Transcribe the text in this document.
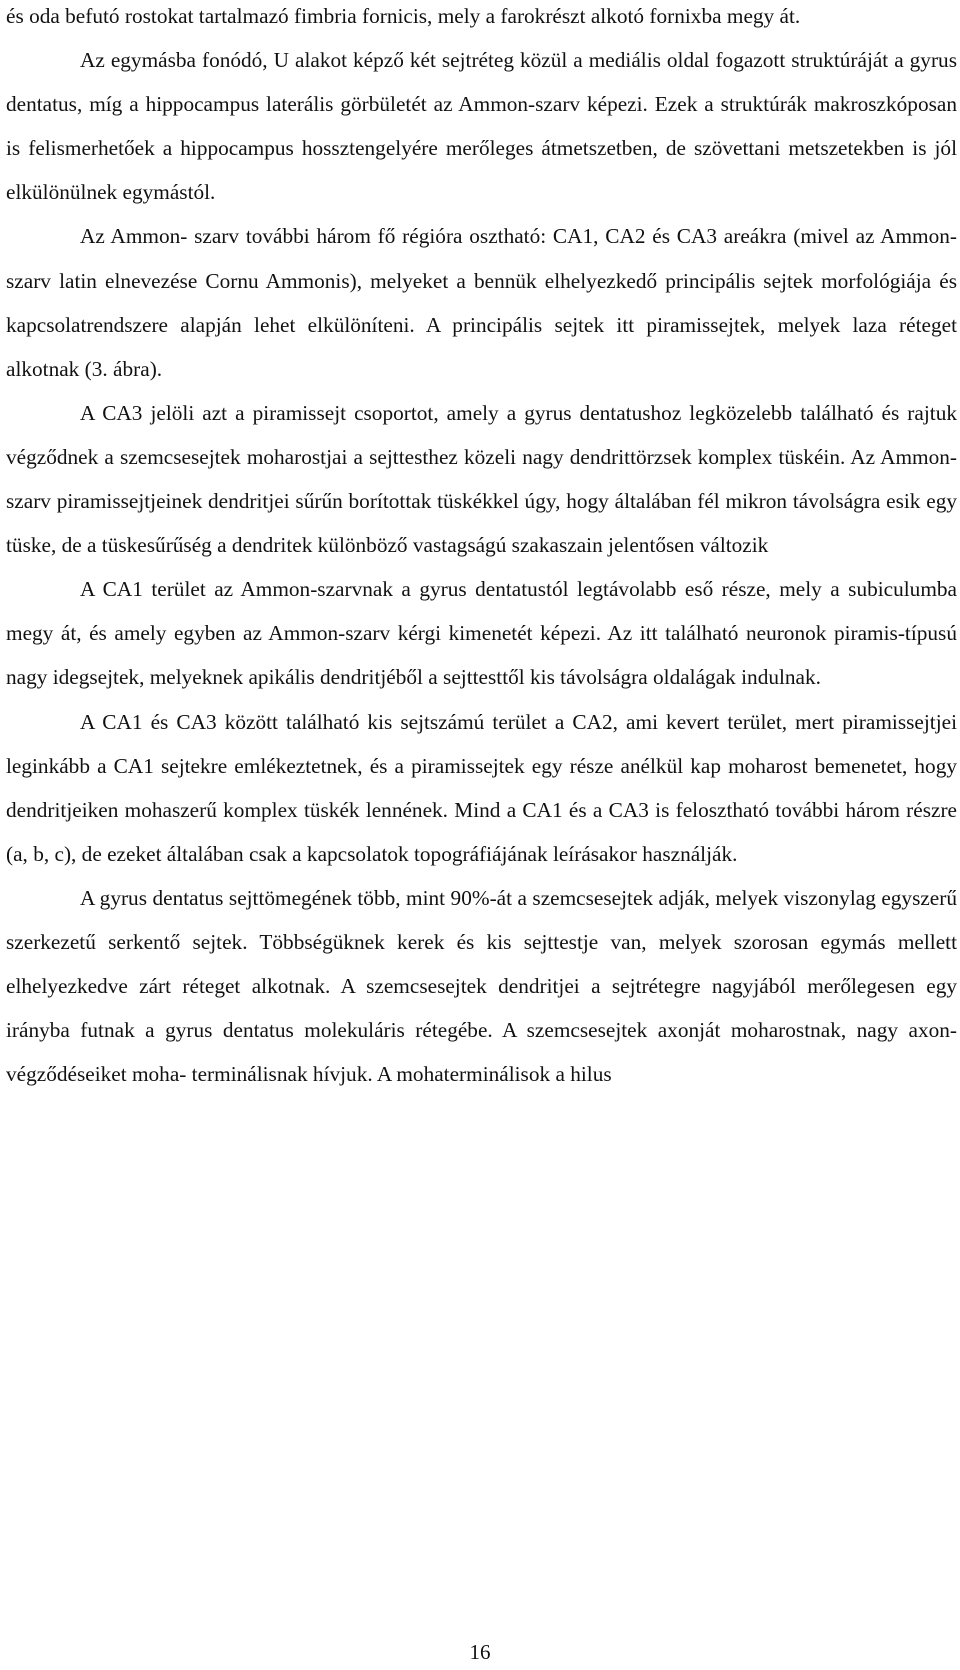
és oda befutó rostokat tartalmazó fimbria fornicis, mely a farokrészt alkotó fornixba megy át.

Az egymásba fonódó, U alakot képző két sejtréteg közül a mediális oldal fogazott struktúráját a gyrus dentatus, míg a hippocampus laterális görbületét az Ammon-szarv képezi. Ezek a struktúrák makroszkóposan is felismerhetőek a hippocampus hossztengelyére merőleges átmetszetben, de szövettani metszetekben is jól elkülönülnek egymástól.

Az Ammon- szarv további három fő régióra osztható: CA1, CA2 és CA3 areákra (mivel az Ammon-szarv latin elnevezése Cornu Ammonis), melyeket a bennük elhelyezkedő principális sejtek morfológiája és kapcsolatrendszere alapján lehet elkülöníteni. A principális sejtek itt piramissejtek, melyek laza réteget alkotnak (3. ábra).

A CA3 jelöli azt a piramissejt csoportot, amely a gyrus dentatushoz legközelebb található és rajtuk végződnek a szemcsesejtek moharostjai a sejttesthez közeli nagy dendrittörzsek komplex tüskéin. Az Ammon-szarv piramissejtjeinek dendritjei sűrűn borítottak tüskékkel úgy, hogy általában fél mikron távolságra esik egy tüske, de a tüskesűrűség a dendritek különböző vastagságú szakaszain jelentősen változik

A CA1 terület az Ammon-szarvnak a gyrus dentatustól legtávolabb eső része, mely a subiculumba megy át, és amely egyben az Ammon-szarv kérgi kimenetét képezi. Az itt található neuronok piramis-típusú nagy idegsejtek, melyeknek apikális dendritjéből a sejttesttől kis távolságra oldalágak indulnak.

A CA1 és CA3 között található kis sejtszámú terület a CA2, ami kevert terület, mert piramissejtjei leginkább a CA1 sejtekre emlékeztetnek, és a piramissejtek egy része anélkül kap moharost bemenetet, hogy dendritjeiken mohaszerű komplex tüskék lennének. Mind a CA1 és a CA3 is felosztható további három részre (a, b, c), de ezeket általában csak a kapcsolatok topográfiájának leírásakor használják.

A gyrus dentatus sejttömegének több, mint 90%-át a szemcsesejtek adják, melyek viszonylag egyszerű szerkezetű serkentő sejtek. Többségüknek kerek és kis sejttestje van, melyek szorosan egymás mellett elhelyezkedve zárt réteget alkotnak. A szemcsesejtek dendritjei a sejtrétegre nagyjából merőlegesen egy irányba futnak a gyrus dentatus molekuláris rétegébe. A szemcsesejtek axonját moharostnak, nagy axon- végződéseiket moha- terminálisnak hívjuk. A mohaterminálisok a hilus

16
